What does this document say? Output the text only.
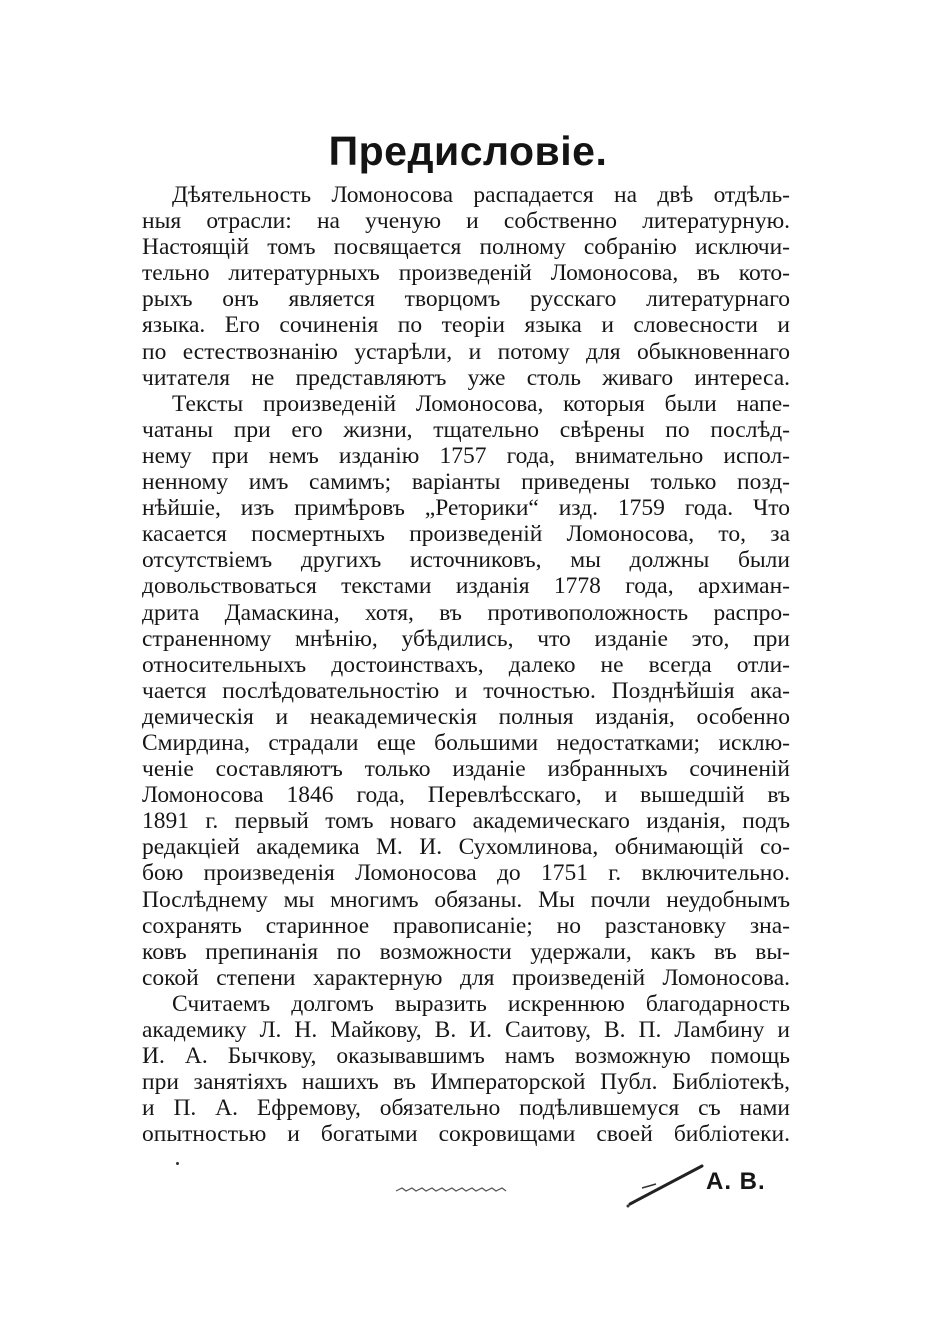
Предисловіе.
Дѣятельность Ломоносова распадается на двѣ отдѣль-
ныя отрасли: на ученую и собственно литературную.
Настоящій томъ посвящается полному собранію исключи-
тельно литературныхъ произведеній Ломоносова, въ кото-
рыхъ онъ является творцомъ русскаго литературнаго
языка. Его сочиненія по теоріи языка и словесности и
по естествознанію устарѣли, и потому для обыкновеннаго
читателя не представляютъ уже столь живаго интереса.
Тексты произведеній Ломоносова, которыя были напе-
чатаны при его жизни, тщательно свѣрены по послѣд-
нему при немъ изданію 1757 года, внимательно испол-
ненному имъ самимъ; варіанты приведены только позд-
нѣйшіе, изъ примѣровъ „Реторики“ изд. 1759 года. Что
касается посмертныхъ произведеній Ломоносова, то, за
отсутствіемъ другихъ источниковъ, мы должны были
довольствоваться текстами изданія 1778 года, архиман-
дрита Дамаскина, хотя, въ противоположность распро-
страненному мнѣнію, убѣдились, что изданіе это, при
относительныхъ достоинствахъ, далеко не всегда отли-
чается послѣдовательностію и точностью. Позднѣйшія ака-
демическія и неакадемическія полныя изданія, особенно
Смирдина, страдали еще большими недостатками; исклю-
ченіе составляютъ только изданіе избранныхъ сочиненій
Ломоносова 1846 года, Перевлѣсскаго, и вышедшій въ
1891 г. первый томъ новаго академическаго изданія, подъ
редакціей академика М. И. Сухомлинова, обнимающій со-
бою произведенія Ломоносова до 1751 г. включительно.
Послѣднему мы многимъ обязаны. Мы почли неудобнымъ
сохранять старинное правописаніе; но разстановку зна-
ковъ препинанія по возможности удержали, какъ въ вы-
сокой степени характерную для произведеній Ломоносова.
Считаемъ долгомъ выразить искреннюю благодарность
академику Л. Н. Майкову, В. И. Саитову, В. П. Ламбину и
И. А. Бычкову, оказывавшимъ намъ возможную помощь
при занятіяхъ нашихъ въ Императорской Публ. Библіотекѣ,
и П. А. Ефремову, обязательно подѣлившемуся съ нами
опытностью и богатыми сокровищами своей библіотеки.
А. В.
